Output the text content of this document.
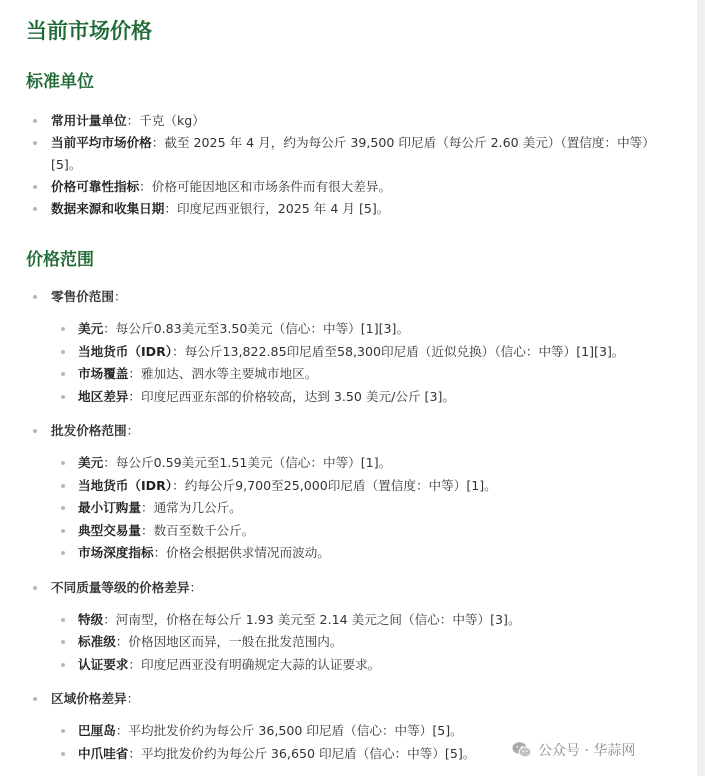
当前市场价格
标准单位
常用计量单位：千克（kg）
当前平均市场价格：截至 2025 年 4 月，约为每公斤 39,500 印尼盾（每公斤 2.60 美元）（置信度：中等）[5]。
价格可靠性指标：价格可能因地区和市场条件而有很大差异。
数据来源和收集日期：印度尼西亚银行，2025 年 4 月 [5]。
价格范围
零售价范围：
美元：每公斤0.83美元至3.50美元（信心：中等）[1][3]。
当地货币（IDR）：每公斤13,822.85印尼盾至58,300印尼盾（近似兑换）（信心：中等）[1][3]。
市场覆盖：雅加达、泗水等主要城市地区。
地区差异：印度尼西亚东部的价格较高，达到 3.50 美元/公斤 [3]。
批发价格范围：
美元：每公斤0.59美元至1.51美元（信心：中等）[1]。
当地货币（IDR）：约每公斤9,700至25,000印尼盾（置信度：中等）[1]。
最小订购量：通常为几公斤。
典型交易量：数百至数千公斤。
市场深度指标：价格会根据供求情况而波动。
不同质量等级的价格差异：
特级：河南型，价格在每公斤 1.93 美元至 2.14 美元之间（信心：中等）[3]。
标准级：价格因地区而异，一般在批发范围内。
认证要求：印度尼西亚没有明确规定大蒜的认证要求。
区域价格差异：
巴厘岛：平均批发价约为每公斤 36,500 印尼盾（信心：中等）[5]。
中爪哇省：平均批发价约为每公斤 36,650 印尼盾（信心：中等）[5]。	公众号 · 华蒜网
